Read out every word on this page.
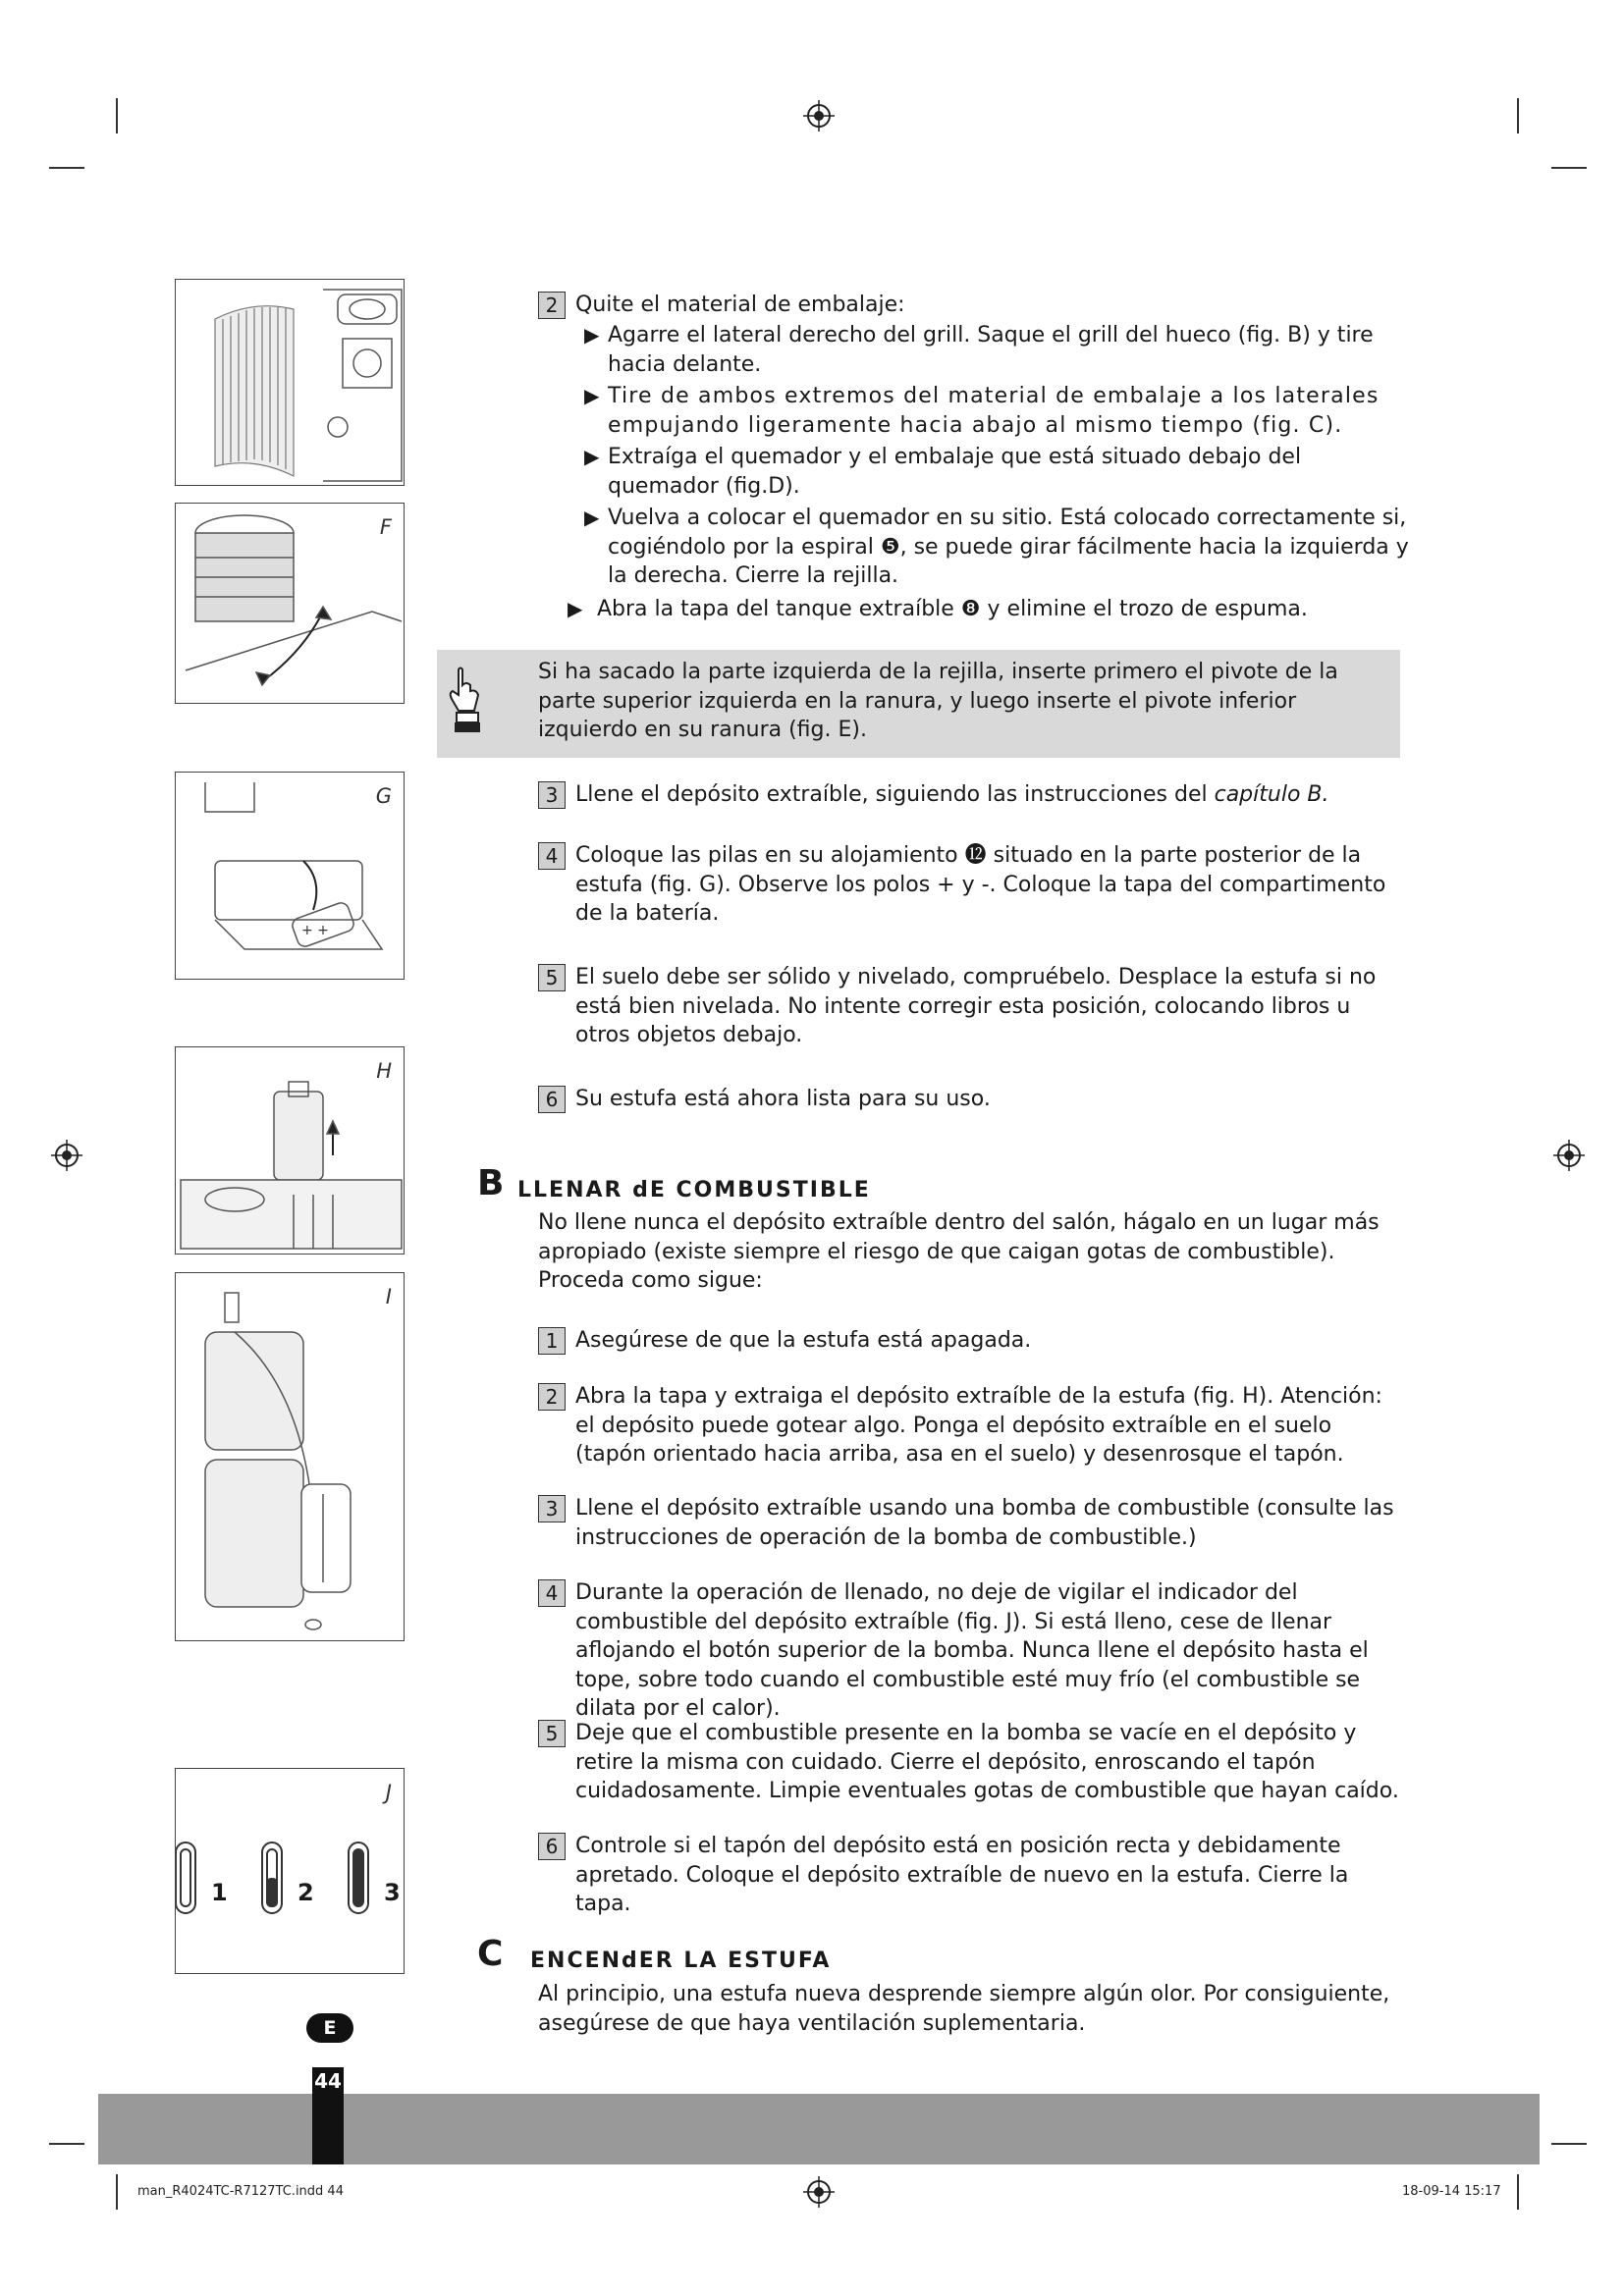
F
G
+ +
H
I
J
1	2	3
2 Quite el material de embalaje:
▶ Agarre el lateral derecho del grill. Saque el grill del hueco (fig. B) y tire hacia delante.
▶ Tire de ambos extremos del material de embalaje a los laterales empujando ligeramente hacia abajo al mismo tiempo (fig. C).
▶ Extraíga el quemador y el embalaje que está situado debajo del quemador (fig.D).
▶ Vuelva a colocar el quemador en su sitio. Está colocado correctamente si, cogiéndolo por la espiral ❺, se puede girar fácilmente hacia la izquierda y la derecha. Cierre la rejilla.
▶ Abra la tapa del tanque extraíble ❽ y elimine el trozo de espuma.
Si ha sacado la parte izquierda de la rejilla, inserte primero el pivote de la parte superior izquierda en la ranura, y luego inserte el pivote inferior izquierdo en su ranura (fig. E).
3 Llene el depósito extraíble, siguiendo las instrucciones del capítulo B.
4 Coloque las pilas en su alojamiento ⓬ situado en la parte posterior de la estufa (fig. G). Observe los polos + y -. Coloque la tapa del compartimento de la batería.
5 El suelo debe ser sólido y nivelado, compruébelo. Desplace la estufa si no está bien nivelada. No intente corregir esta posición, colocando libros u otros objetos debajo.
6 Su estufa está ahora lista para su uso.
B LLENAR dE COMBUSTIBLE
No llene nunca el depósito extraíble dentro del salón, hágalo en un lugar más apropiado (existe siempre el riesgo de que caigan gotas de combustible). Proceda como sigue:
1 Asegúrese de que la estufa está apagada.
2 Abra la tapa y extraiga el depósito extraíble de la estufa (fig. H). Atención: el depósito puede gotear algo. Ponga el depósito extraíble en el suelo (tapón orientado hacia arriba, asa en el suelo) y desenrosque el tapón.
3 Llene el depósito extraíble usando una bomba de combustible (consulte las instrucciones de operación de la bomba de combustible.)
4 Durante la operación de llenado, no deje de vigilar el indicador del combustible del depósito extraíble (fig. J). Si está lleno, cese de llenar aflojando el botón superior de la bomba. Nunca llene el depósito hasta el tope, sobre todo cuando el combustible esté muy frío (el combustible se dilata por el calor).
5 Deje que el combustible presente en la bomba se vacíe en el depósito y retire la misma con cuidado. Cierre el depósito, enroscando el tapón cuidadosamente. Limpie eventuales gotas de combustible que hayan caído.
6 Controle si el tapón del depósito está en posición recta y debidamente apretado. Coloque el depósito extraíble de nuevo en la estufa. Cierre la tapa.
C ENCENdER LA ESTUFA
Al principio, una estufa nueva desprende siempre algún olor. Por consiguiente, asegúrese de que haya ventilación suplementaria.
E
44
man_R4024TC-R7127TC.indd 44	18-09-14 15:17
